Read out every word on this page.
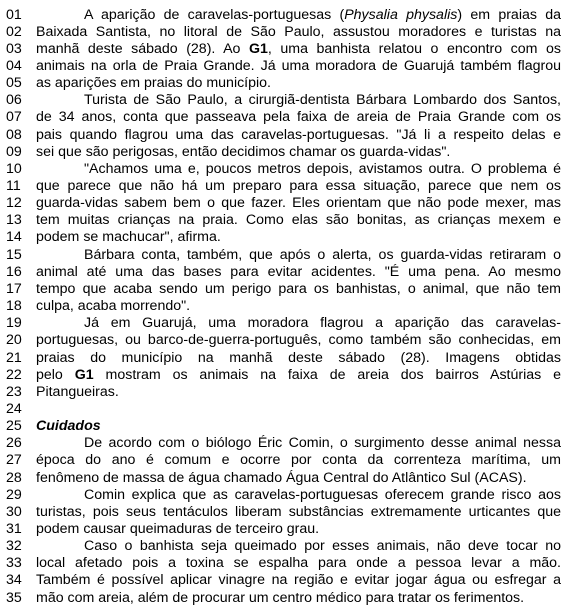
01	A aparição de caravelas-portuguesas (Physalia physalis) em praias da
02	Baixada Santista, no litoral de São Paulo, assustou moradores e turistas na
03	manhã deste sábado (28). Ao G1, uma banhista relatou o encontro com os
04	animais na orla de Praia Grande. Já uma moradora de Guarujá também flagrou
05	as aparições em praias do município.
06	Turista de São Paulo, a cirurgiã-dentista Bárbara Lombardo dos Santos,
07	de 34 anos, conta que passeava pela faixa de areia de Praia Grande com os
08	pais quando flagrou uma das caravelas-portuguesas. "Já li a respeito delas e
09	sei que são perigosas, então decidimos chamar os guarda-vidas".
10	"Achamos uma e, poucos metros depois, avistamos outra. O problema é
11	que parece que não há um preparo para essa situação, parece que nem os
12	guarda-vidas sabem bem o que fazer. Eles orientam que não pode mexer, mas
13	tem muitas crianças na praia. Como elas são bonitas, as crianças mexem e
14	podem se machucar", afirma.
15	Bárbara conta, também, que após o alerta, os guarda-vidas retiraram o
16	animal até uma das bases para evitar acidentes. "É uma pena. Ao mesmo
17	tempo que acaba sendo um perigo para os banhistas, o animal, que não tem
18	culpa, acaba morrendo".
19	Já em Guarujá, uma moradora flagrou a aparição das caravelas-
20	portuguesas, ou barco-de-guerra-português, como também são conhecidas, em
21	praias do município na manhã deste sábado (28). Imagens obtidas
22	pelo G1 mostram os animais na faixa de areia dos bairros Astúrias e
23	Pitangueiras.
24
25	Cuidados
26	De acordo com o biólogo Éric Comin, o surgimento desse animal nessa
27	época do ano é comum e ocorre por conta da correnteza marítima, um
28	fenômeno de massa de água chamado Água Central do Atlântico Sul (ACAS).
29	Comin explica que as caravelas-portuguesas oferecem grande risco aos
30	turistas, pois seus tentáculos liberam substâncias extremamente urticantes que
31	podem causar queimaduras de terceiro grau.
32	Caso o banhista seja queimado por esses animais, não deve tocar no
33	local afetado pois a toxina se espalha para onde a pessoa levar a mão.
34	Também é possível aplicar vinagre na região e evitar jogar água ou esfregar a
35	mão com areia, além de procurar um centro médico para tratar os ferimentos.
